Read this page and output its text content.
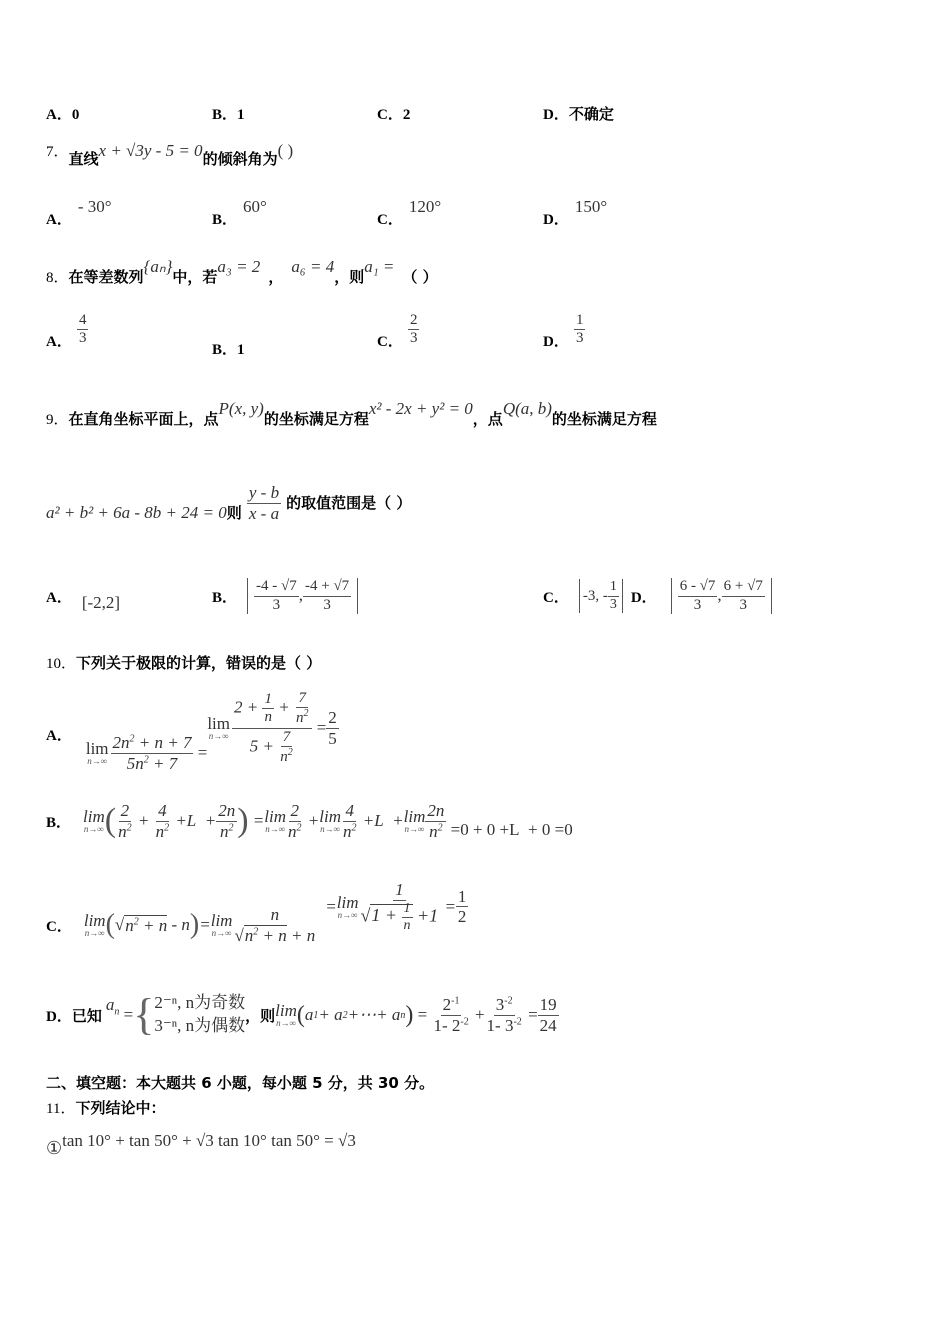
A．0	B．1	C．2	D．不确定
7．直线x + √3y - 5 = 0的倾斜角为( )
A．- 30°
B．60°
C．120°
D．150°
8．在等差数列{aₙ}中，若a₃ = 2，a₆ = 4，则a₁ =（ ）
A． $\frac{4}{3}$
B．1	C． $\frac{2}{3}$	D． $\frac{1}{3}$
9．在直角坐标平面上，点P(x, y)的坐标满足方程x² - 2x + y² = 0，点Q(a, b)的坐标满足方程
a² + b² + 6a - 8b + 24 = 0则 $\frac{y - b}{x - a}$ 的取值范围是（ ）
A． [-2,2]	B． $\frac{-4 - √7}{3}$ , $\frac{-4 + √7}{3}$	C． -3, - $\frac{1}{3}$ D． $\frac{6 - √7}{3}$ , $\frac{6 + √7}{3}$
10．下列关于极限的计算，错误的是（ ）
A．
lim
$n\to\infty \frac{2n^2 + n + 7}{5n^2 + 7}$ =
lim
$n\to\infty \frac{2 + \frac{1}{n} + \frac{7}{n^2}}{5 + \frac{7}{n^2}} = \frac{2}{5}$
B． lim
n→∞ ( $\frac{2}{n^2} + \frac{4}{n^2} +L + \frac{2n}{n^2}$ ) = lim
$n\to\infty \frac{2}{n^2} + \lim$
$n\to\infty \frac{4}{n^2} +L + \lim$
$n\to\infty \frac{2n}{n^2} =0 + 0 +L + 0 =0$
C． lim
n→∞ ( √ $n^2 + n - n$ ) = lim
$n\to\infty \frac{n}{√n^2 + n + n} = \lim$
$n\to\infty \frac{1}{√1 + \frac{1}{n} +1} = \frac{1}{2}$
D． 已知
$a_n$ = { 2⁻ⁿ, n为奇数
3⁻ⁿ, n为偶数
，则 lim
n→∞ ( a 1 + a 2 +⋯+ a n ) = $\frac{2^{-1}}{1- 2^{-2}} + \frac{3^{-2}}{1- 3^{-2}} = \frac{19}{24}$
二、填空题：本大题共 6 小题，每小题 5 分，共 30 分。
11．下列结论中：
①tan 10° + tan 50° + √3 tan 10° tan 50° = √3
